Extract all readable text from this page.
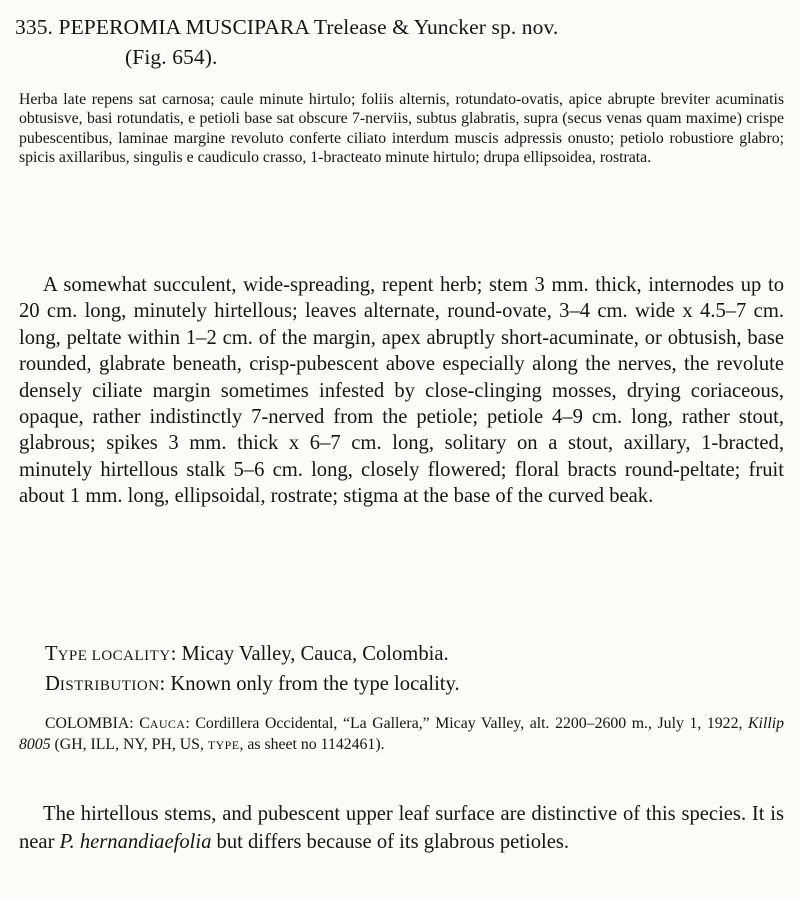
335. PEPEROMIA MUSCIPARA Trelease & Yuncker sp. nov.
(Fig. 654).
Herba late repens sat carnosa; caule minute hirtulo; foliis alternis, rotundato-ovatis, apice abrupte breviter acuminatis obtusisve, basi rotundatis, e petioli base sat obscure 7-nerviis, subtus glabratis, supra (secus venas quam maxime) crispe pubescentibus, laminae margine revoluto conferte ciliato interdum muscis adpressis onusto; petiolo robustiore glabro; spicis axillaribus, singulis e caudiculo crasso, 1-bracteato minute hirtulo; drupa ellipsoidea, rostrata.
A somewhat succulent, wide-spreading, repent herb; stem 3 mm. thick, internodes up to 20 cm. long, minutely hirtellous; leaves alternate, round-ovate, 3–4 cm. wide x 4.5–7 cm. long, peltate within 1–2 cm. of the margin, apex abruptly short-acuminate, or obtusish, base rounded, glabrate beneath, crisp-pubescent above especially along the nerves, the revolute densely ciliate margin sometimes infested by close-clinging mosses, drying coriaceous, opaque, rather indistinctly 7-nerved from the petiole; petiole 4–9 cm. long, rather stout, glabrous; spikes 3 mm. thick x 6–7 cm. long, solitary on a stout, axillary, 1-bracted, minutely hirtellous stalk 5–6 cm. long, closely flowered; floral bracts round-peltate; fruit about 1 mm. long, ellipsoidal, rostrate; stigma at the base of the curved beak.
TYPE LOCALITY: Micay Valley, Cauca, Colombia.
DISTRIBUTION: Known only from the type locality.
COLOMBIA: CAUCA: Cordillera Occidental, “La Gallera,” Micay Valley, alt. 2200–2600 m., July 1, 1922, Killip 8005 (GH, ILL, NY, PH, US, TYPE, as sheet no 1142461).
The hirtellous stems, and pubescent upper leaf surface are distinctive of this species. It is near P. hernandiaefolia but differs because of its glabrous petioles.
